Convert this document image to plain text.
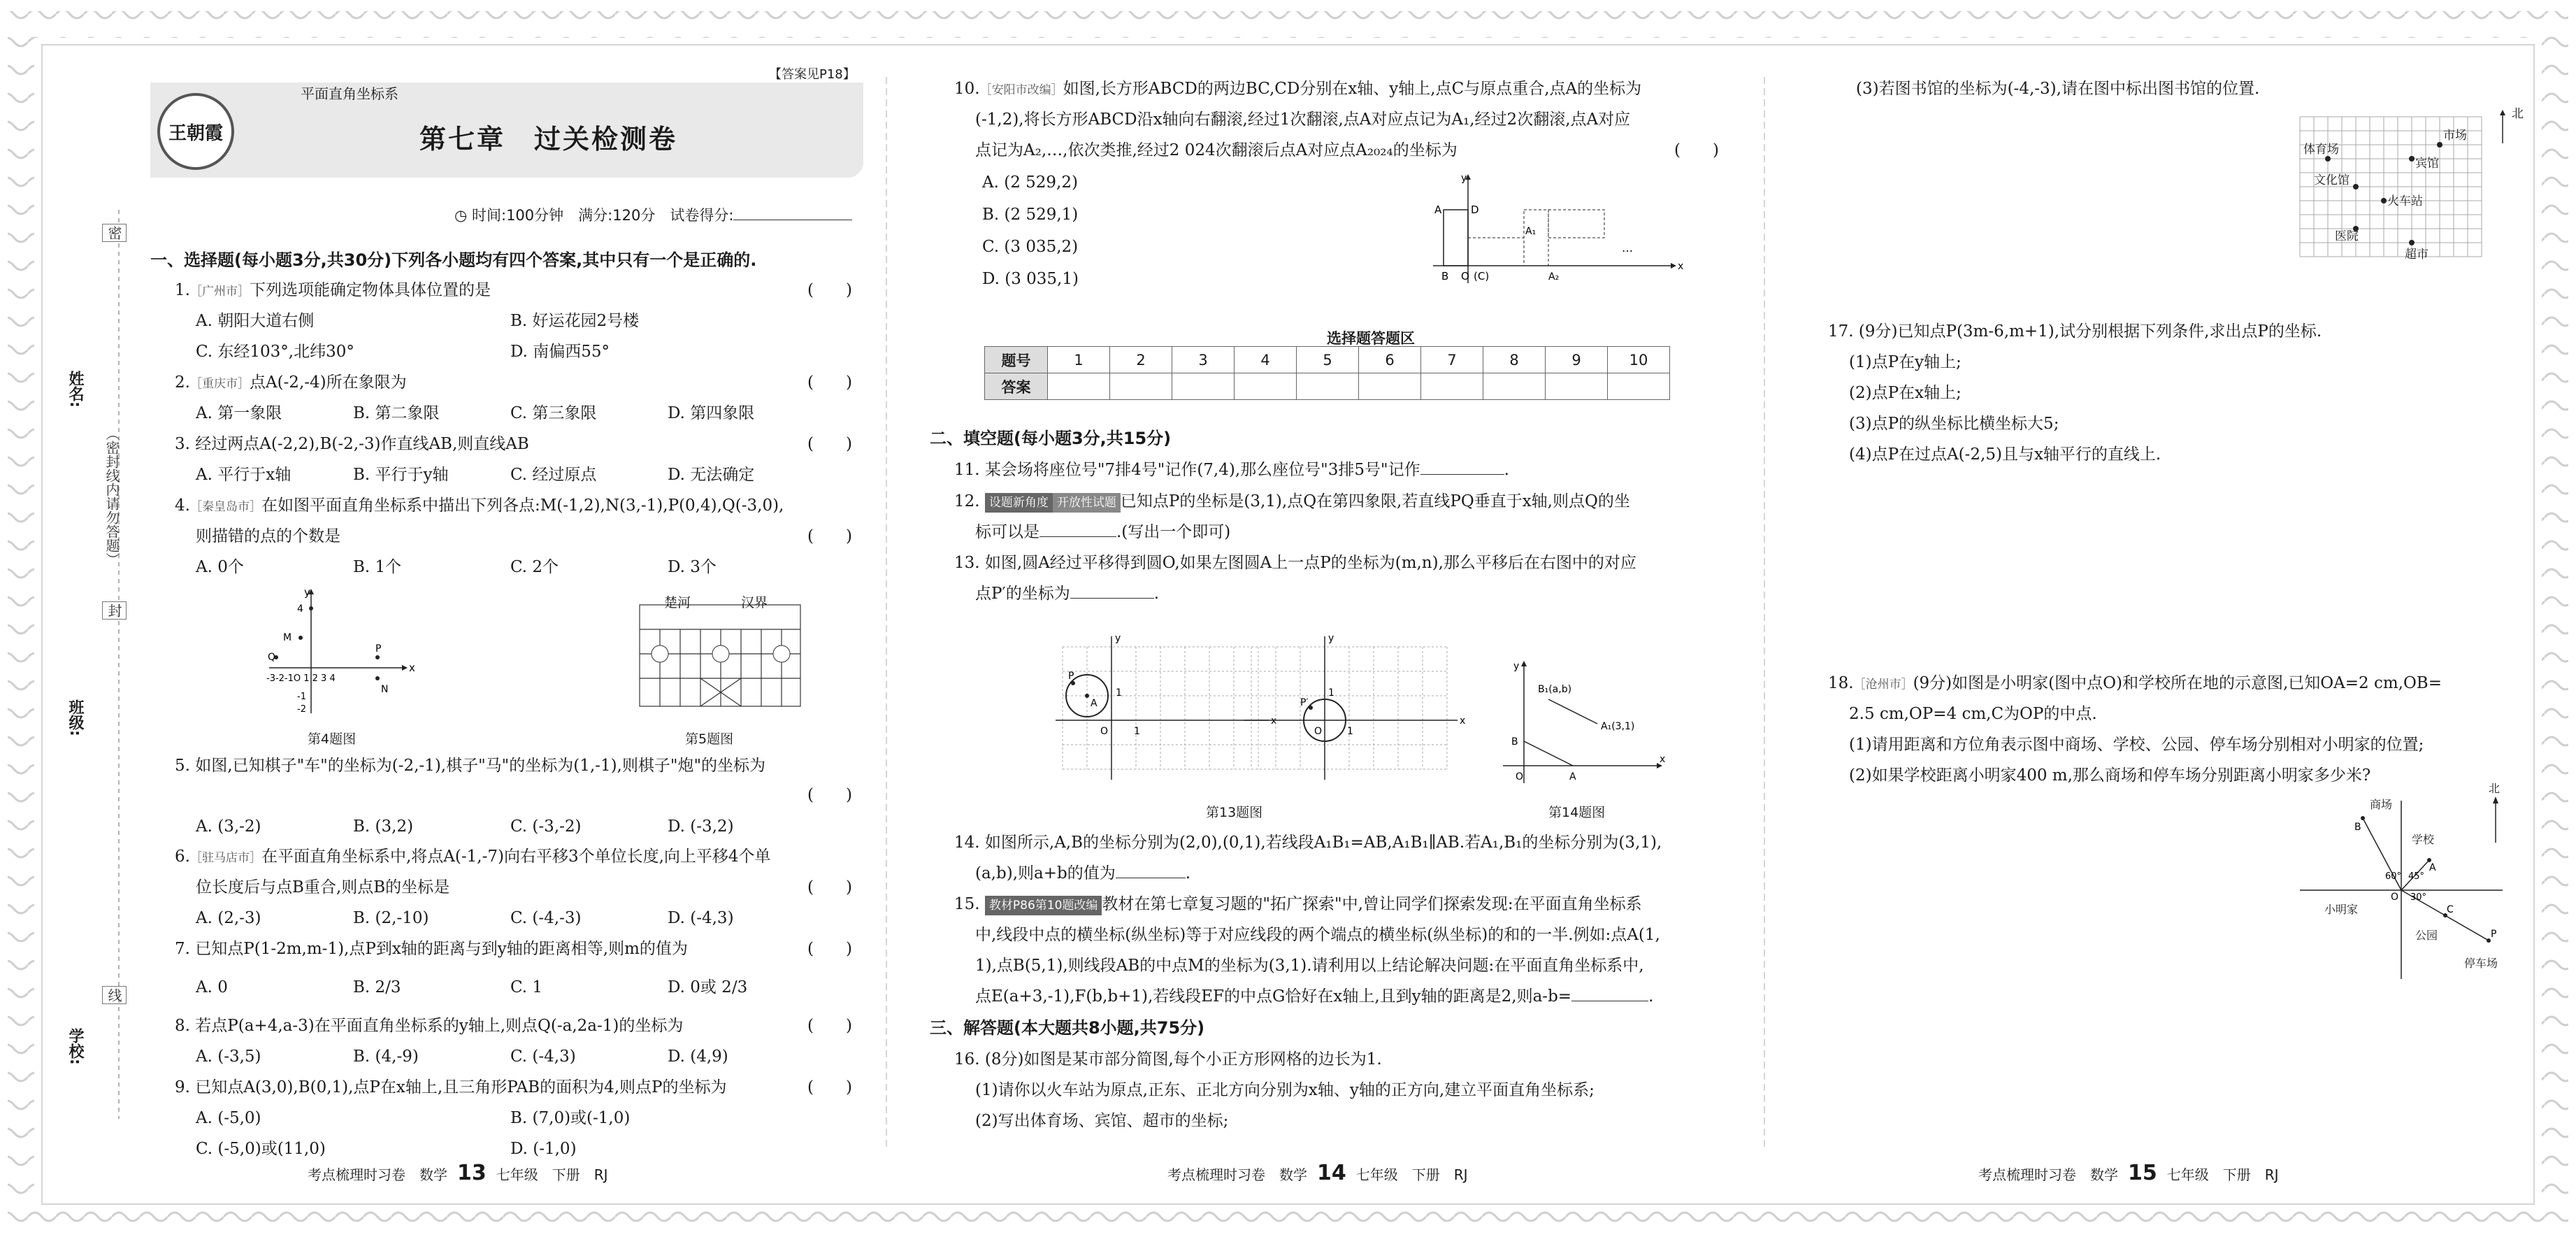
姓名:
班级:
学校:
密
封
线
（密封线内请勿答题）
【答案见P18】
王朝霞
平面直角坐标系
第七章　过关检测卷
◷ 时间:100分钟　满分:120分　试卷得分:
一、选择题(每小题3分,共30分)下列各小题均有四个答案,其中只有一个是正确的.
1.［广州市］下列选项能确定物体具体位置的是	(　　)
A. 朝阳大道右侧	B. 好运花园2号楼
C. 东经103°,北纬30°	D. 南偏西55°
2.［重庆市］点A(-2,-4)所在象限为	(　　)
A. 第一象限	B. 第二象限	C. 第三象限	D. 第四象限
3. 经过两点A(-2,2),B(-2,-3)作直线AB,则直线AB	(　　)
A. 平行于x轴	B. 平行于y轴	C. 经过原点	D. 无法确定
4.［秦皇岛市］在如图平面直角坐标系中描出下列各点:M(-1,2),N(3,-1),P(0,4),Q(-3,0),
则描错的点的个数是	(　　)
A. 0个	B. 1个	C. 2个	D. 3个
x
y
4
M
Q
P
N
-3-2-1O 1 2 3 4
-1
-2
第4题图
楚河	汉界
第5题图
5. 如图,已知棋子"车"的坐标为(-2,-1),棋子"马"的坐标为(1,-1),则棋子"炮"的坐标为
(　　)
A. (3,-2)	B. (3,2)	C. (-3,-2)	D. (-3,2)
6.［驻马店市］在平面直角坐标系中,将点A(-1,-7)向右平移3个单位长度,向上平移4个单
位长度后与点B重合,则点B的坐标是	(　　)
A. (2,-3)	B. (2,-10)	C. (-4,-3)	D. (-4,3)
7. 已知点P(1-2m,m-1),点P到x轴的距离与到y轴的距离相等,则m的值为	(　　)
A. 0	B. 2/3	C. 1	D. 0或 2/3
8. 若点P(a+4,a-3)在平面直角坐标系的y轴上,则点Q(-a,2a-1)的坐标为	(　　)
A. (-3,5)	B. (4,-9)	C. (-4,3)	D. (4,9)
9. 已知点A(3,0),B(0,1),点P在x轴上,且三角形PAB的面积为4,则点P的坐标为	(　　)
A. (-5,0)	B. (7,0)或(-1,0)
C. (-5,0)或(11,0)	D. (-1,0)
10.［安阳市改编］如图,长方形ABCD的两边BC,CD分别在x轴、y轴上,点C与原点重合,点A的坐标为
(-1,2),将长方形ABCD沿x轴向右翻滚,经过1次翻滚,点A对应点记为A₁,经过2次翻滚,点A对应
点记为A₂,…,依次类推,经过2 024次翻滚后点A对应点A₂₀₂₄的坐标为	(　　)
A. (2 529,2)
B. (2 529,1)
C. (3 035,2)
D. (3 035,1)
A	D
B O (C)
A₁
A₂
…
x
y
选择题答题区
题号	1	2	3	4	5	6	7	8	9	10
答案										
二、填空题(每小题3分,共15分)
11. 某会场将座位号"7排4号"记作(7,4),那么座位号"3排5号"记作	.
12. 设题新角度 开放性试题 已知点P的坐标是(3,1),点Q在第四象限,若直线PQ垂直于x轴,则点Q的坐
标可以是	.(写出一个即可)
13. 如图,圆A经过平移得到圆O,如果左图圆A上一点P的坐标为(m,n),那么平移后在右图中的对应
点P′的坐标为	.
P
A
1
O	1
x
y
P′
1
O	1
x
y
第13题图
B₁(a,b)
A₁(3,1)
B
O	A
x
y
第14题图
14. 如图所示,A,B的坐标分别为(2,0),(0,1),若线段A₁B₁=AB,A₁B₁∥AB.若A₁,B₁的坐标分别为(3,1),
(a,b),则a+b的值为	.
15. 教材P86第10题改编 教材在第七章复习题的"拓广探索"中,曾让同学们探索发现:在平面直角坐标系
中,线段中点的横坐标(纵坐标)等于对应线段的两个端点的横坐标(纵坐标)的和的一半.例如:点A(1,
1),点B(5,1),则线段AB的中点M的坐标为(3,1).请利用以上结论解决问题:在平面直角坐标系中,
点E(a+3,-1),F(b,b+1),若线段EF的中点G恰好在x轴上,且到y轴的距离是2,则a-b=	.
三、解答题(本大题共8小题,共75分)
16. (8分)如图是某市部分简图,每个小正方形网格的边长为1.
(1)请你以火车站为原点,正东、正北方向分别为x轴、y轴的正方向,建立平面直角坐标系;
(2)写出体育场、宾馆、超市的坐标;
(3)若图书馆的坐标为(-4,-3),请在图中标出图书馆的位置.
北
市场
体育场
宾馆
文化馆
火车站
医院
超市
17. (9分)已知点P(3m-6,m+1),试分别根据下列条件,求出点P的坐标.
(1)点P在y轴上;
(2)点P在x轴上;
(3)点P的纵坐标比横坐标大5;
(4)点P在过点A(-2,5)且与x轴平行的直线上.
18.［沧州市］(9分)如图是小明家(图中点O)和学校所在地的示意图,已知OA=2 cm,OB=
2.5 cm,OP=4 cm,C为OP的中点.
(1)请用距离和方位角表示图中商场、学校、公园、停车场分别相对小明家的位置;
(2)如果学校距离小明家400 m,那么商场和停车场分别距离小明家多少米?
B
A
C
P
O
60° 45°
30°
北
商场
学校
小明家
公园
停车场
考点梳理时习卷　数学 13 七年级　下册　RJ	考点梳理时习卷　数学 14 七年级　下册　RJ	考点梳理时习卷　数学 15 七年级　下册　RJ
